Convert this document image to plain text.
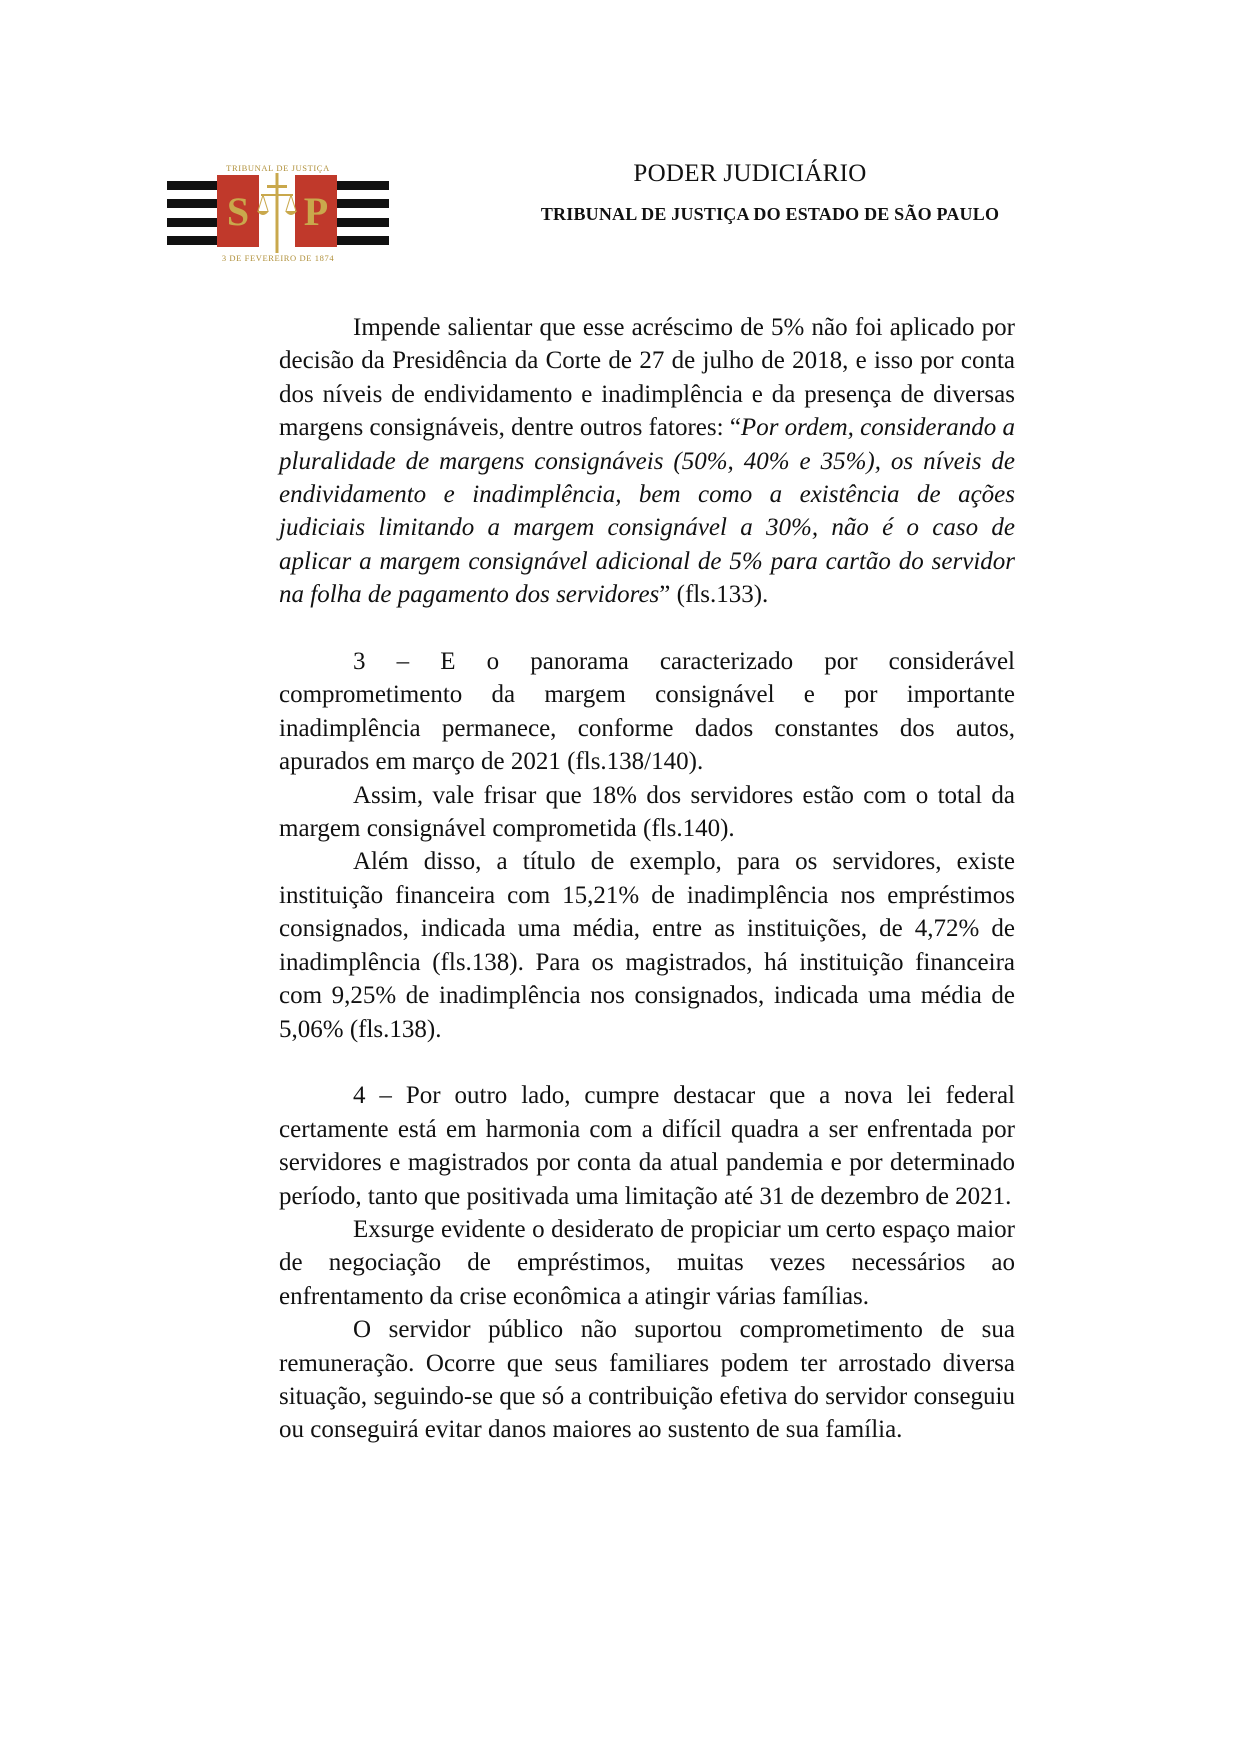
TRIBUNAL DE JUSTIÇA
S P
3 DE FEVEREIRO DE 1874
PODER JUDICIÁRIO
TRIBUNAL DE JUSTIÇA DO ESTADO DE SÃO PAULO

Impende salientar que esse acréscimo de 5% não foi aplicado por decisão da Presidência da Corte de 27 de julho de 2018, e isso por conta dos níveis de endividamento e inadimplência e da presença de diversas margens consignáveis, dentre outros fatores: “Por ordem, considerando a pluralidade de margens consignáveis (50%, 40% e 35%), os níveis de endividamento e inadimplência, bem como a existência de ações judiciais limitando a margem consignável a 30%, não é o caso de aplicar a margem consignável adicional de 5% para cartão do servidor na folha de pagamento dos servidores” (fls.133).

3 – E o panorama caracterizado por considerável comprometimento da margem consignável e por importante inadimplência permanece, conforme dados constantes dos autos, apurados em março de 2021 (fls.138/140).

Assim, vale frisar que 18% dos servidores estão com o total da margem consignável comprometida (fls.140).

Além disso, a título de exemplo, para os servidores, existe instituição financeira com 15,21% de inadimplência nos empréstimos consignados, indicada uma média, entre as instituições, de 4,72% de inadimplência (fls.138). Para os magistrados, há instituição financeira com 9,25% de inadimplência nos consignados, indicada uma média de 5,06% (fls.138).

4 – Por outro lado, cumpre destacar que a nova lei federal certamente está em harmonia com a difícil quadra a ser enfrentada por servidores e magistrados por conta da atual pandemia e por determinado período, tanto que positivada uma limitação até 31 de dezembro de 2021.

Exsurge evidente o desiderato de propiciar um certo espaço maior de negociação de empréstimos, muitas vezes necessários ao enfrentamento da crise econômica a atingir várias famílias.

O servidor público não suportou comprometimento de sua remuneração. Ocorre que seus familiares podem ter arrostado diversa situação, seguindo-se que só a contribuição efetiva do servidor conseguiu ou conseguirá evitar danos maiores ao sustento de sua família.
